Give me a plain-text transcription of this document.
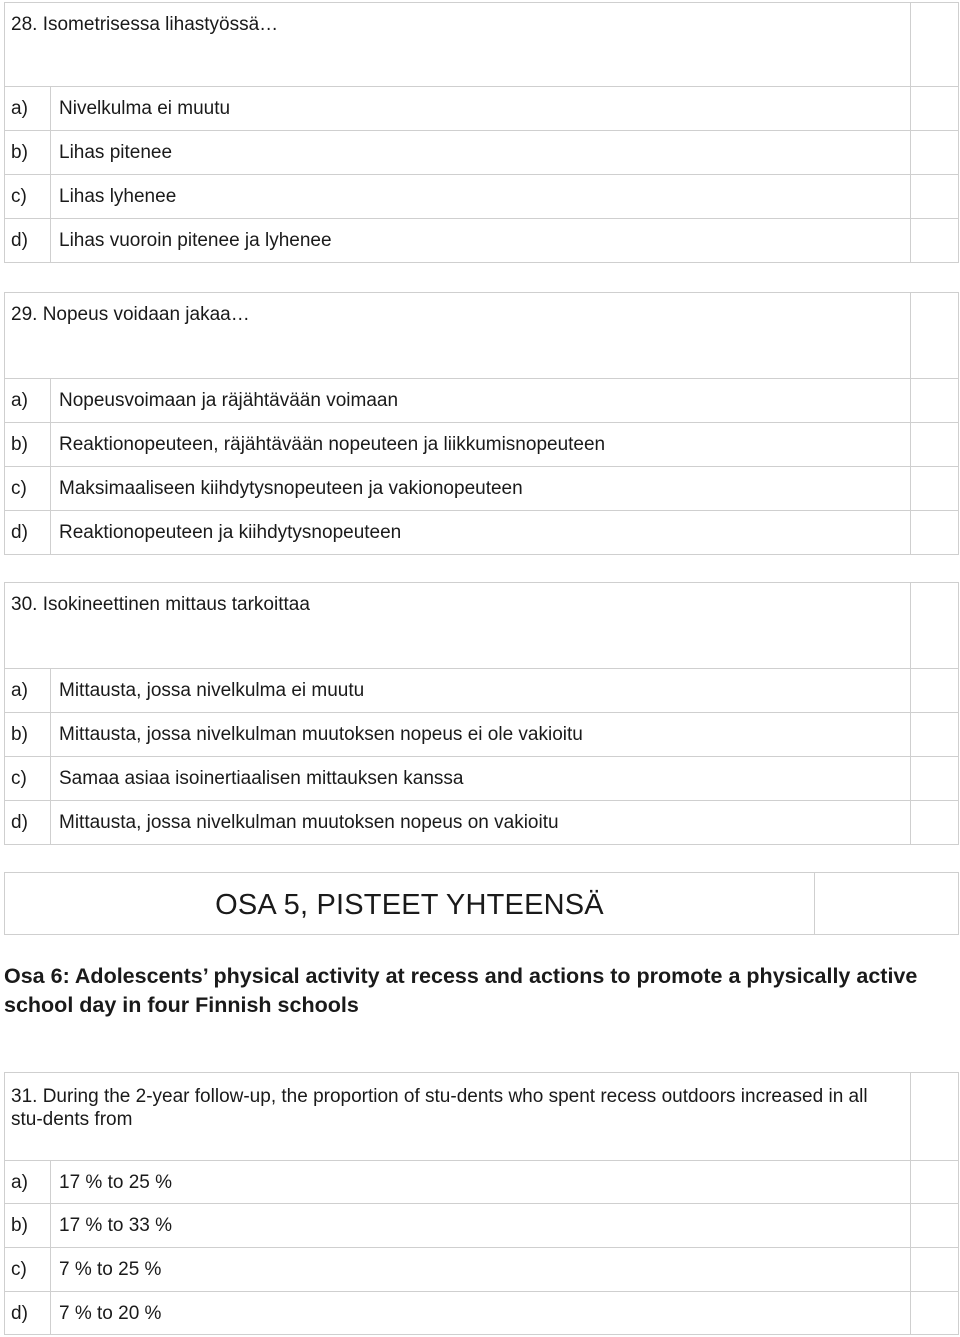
28. Isometrisessa lihastyössä…		
a)	Nivelkulma ei muutu	
b)	Lihas pitenee	
c)	Lihas lyhenee	
d)	Lihas vuoroin pitenee ja lyhenee	
29. Nopeus voidaan jakaa…		
a)	Nopeusvoimaan ja räjähtävään voimaan	
b)	Reaktionopeuteen, räjähtävään nopeuteen ja liikkumisnopeuteen	
c)	Maksimaaliseen kiihdytysnopeuteen ja vakionopeuteen	
d)	Reaktionopeuteen ja kiihdytysnopeuteen	
30. Isokineettinen mittaus tarkoittaa		
a)	Mittausta, jossa nivelkulma ei muutu	
b)	Mittausta, jossa nivelkulman muutoksen nopeus ei ole vakioitu	
c)	Samaa asiaa isoinertiaalisen mittauksen kanssa	
d)	Mittausta, jossa nivelkulman muutoksen nopeus on vakioitu	
OSA 5, PISTEET YHTEENSÄ	

Osa 6: Adolescents’ physical activity at recess and actions to promote a physically active school day in four Finnish schools

31. During the 2-year follow-up, the proportion of stu-dents who spent recess outdoors increased in all stu-dents from		
a)	17 % to 25 %	
b)	17 % to 33 %	
c)	7 % to 25 %	
d)	7 % to 20 %	
